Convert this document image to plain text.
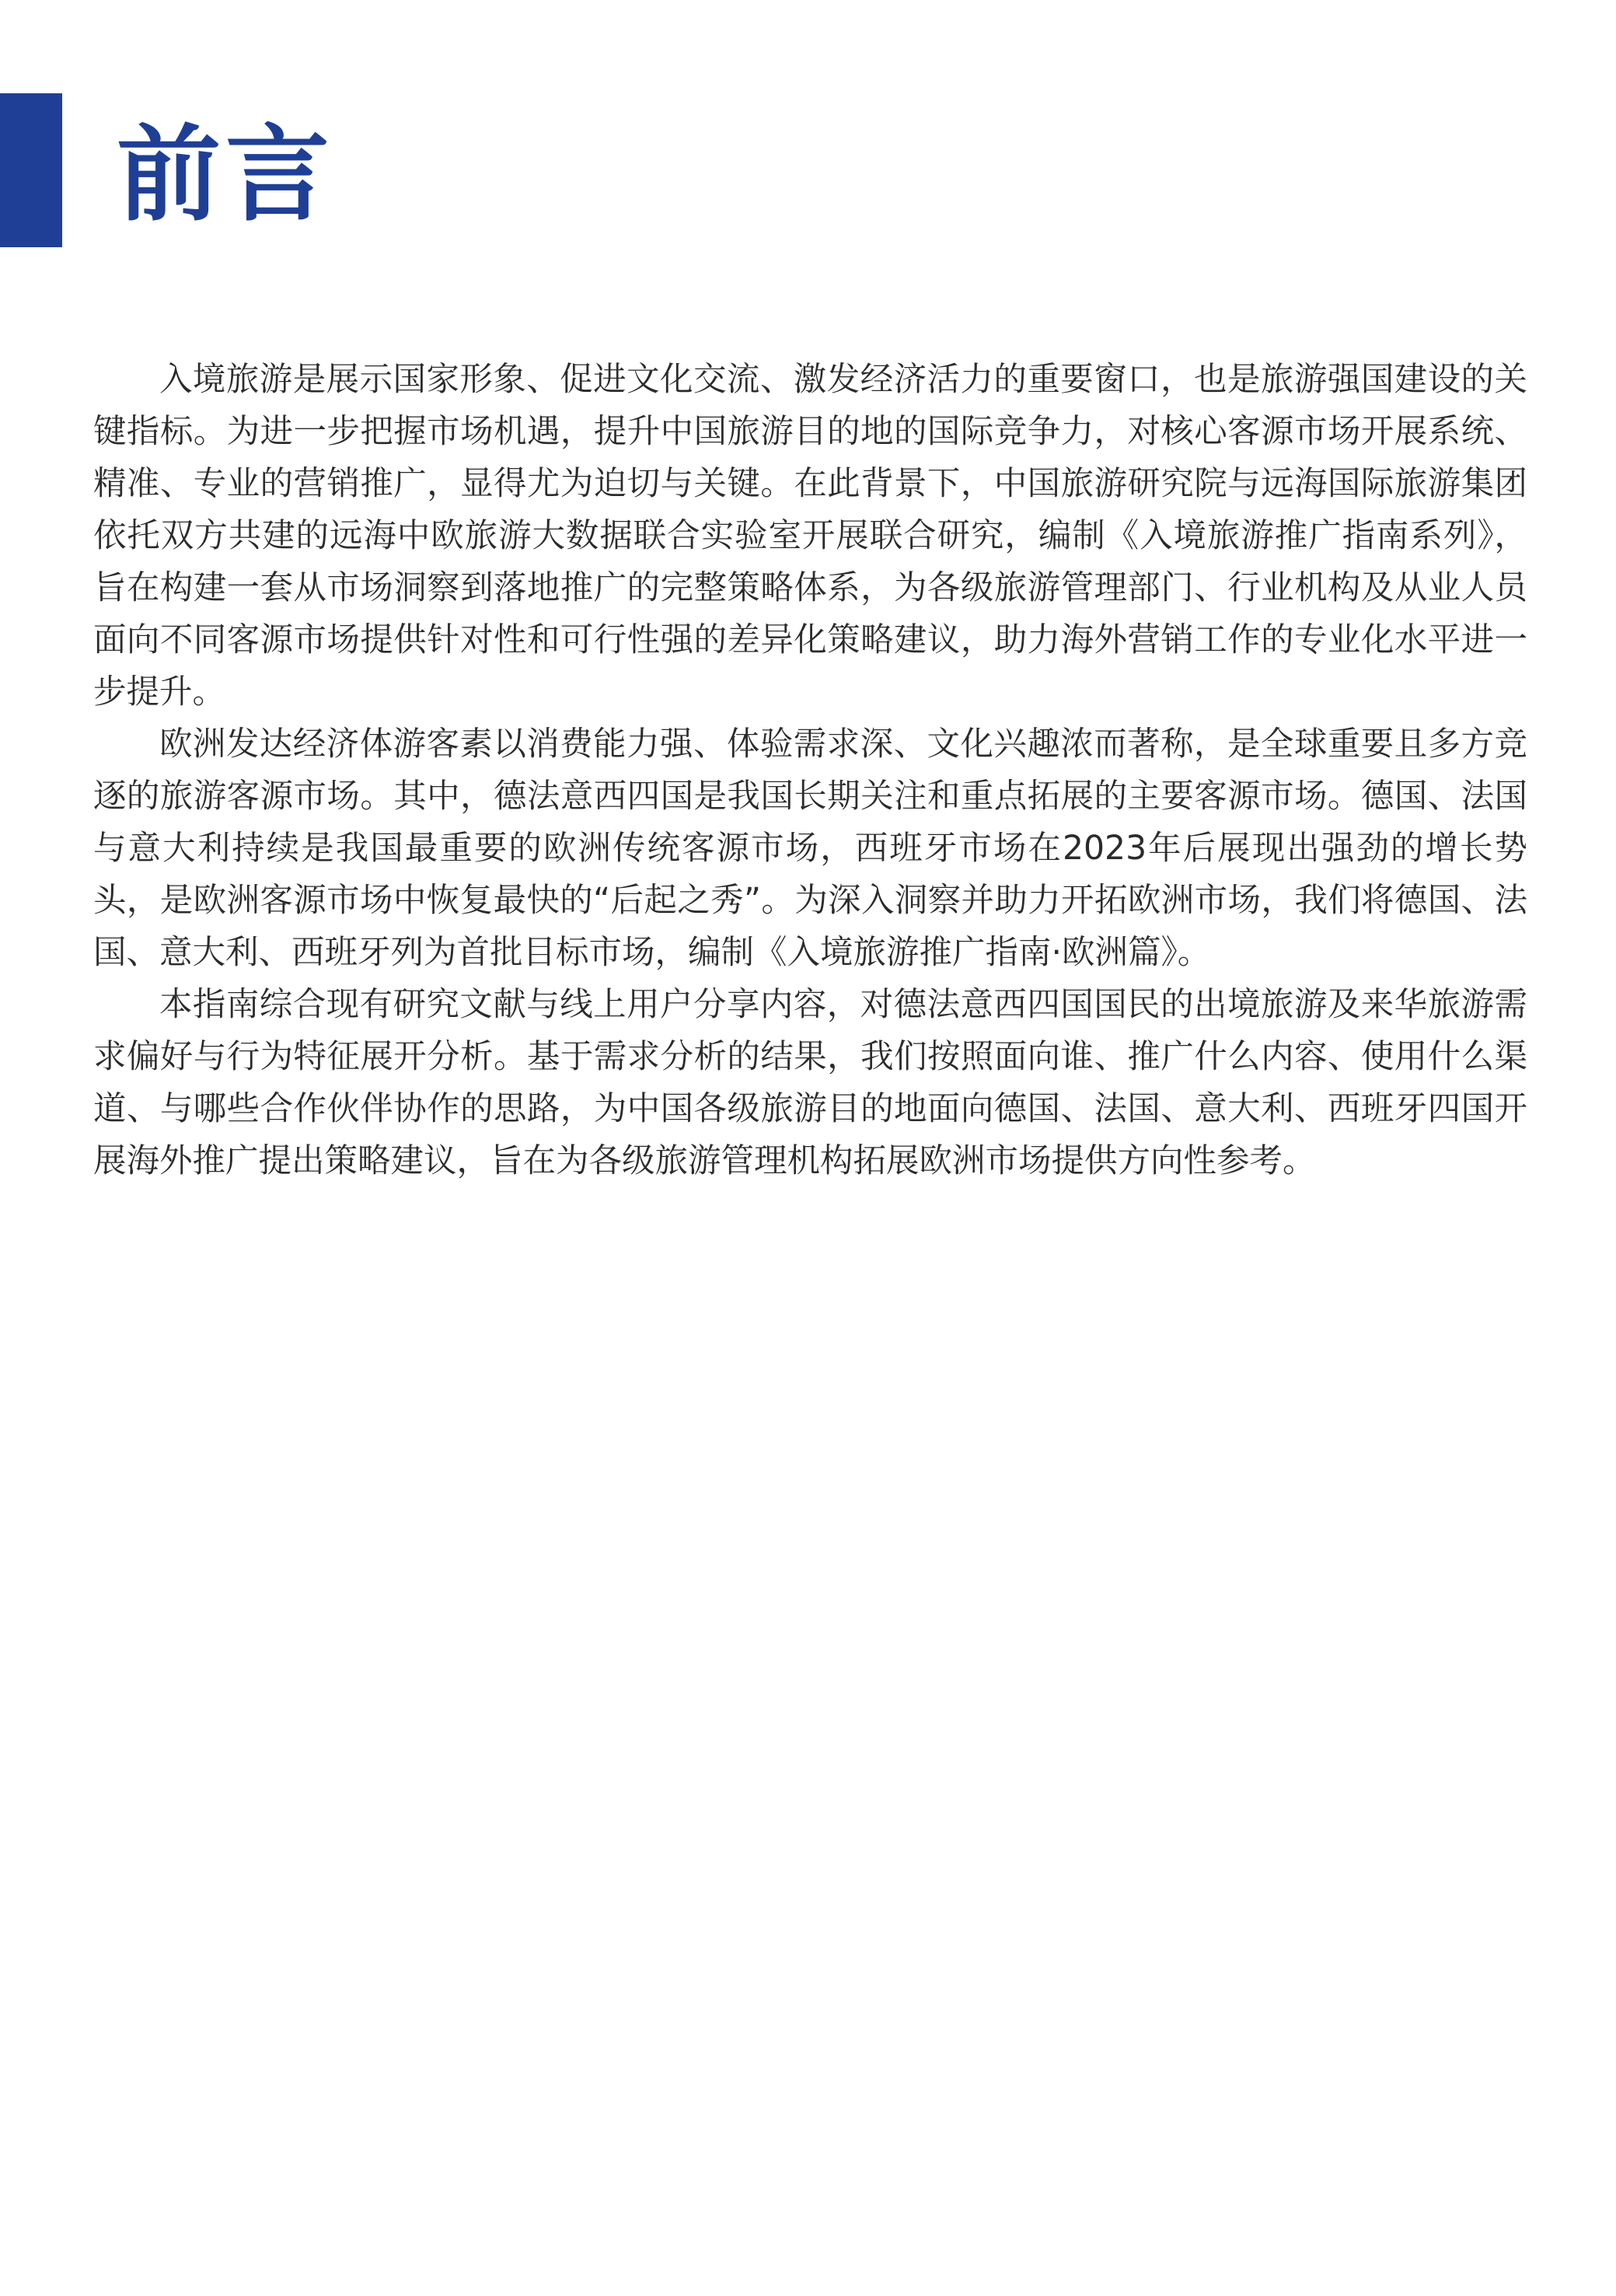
前言

入境旅游是展示国家形象、促进文化交流、激发经济活力的重要窗口，也是旅游强国建设的关键指标。为进一步把握市场机遇，提升中国旅游目的地的国际竞争力，对核心客源市场开展系统、精准、专业的营销推广，显得尤为迫切与关键。在此背景下，中国旅游研究院与远海国际旅游集团依托双方共建的远海中欧旅游大数据联合实验室开展联合研究，编制《入境旅游推广指南系列》，旨在构建一套从市场洞察到落地推广的完整策略体系，为各级旅游管理部门、行业机构及从业人员面向不同客源市场提供针对性和可行性强的差异化策略建议，助力海外营销工作的专业化水平进一步提升。

欧洲发达经济体游客素以消费能力强、体验需求深、文化兴趣浓而著称，是全球重要且多方竞逐的旅游客源市场。其中，德法意西四国是我国长期关注和重点拓展的主要客源市场。德国、法国与意大利持续是我国最重要的欧洲传统客源市场，西班牙市场在2023年后展现出强劲的增长势头，是欧洲客源市场中恢复最快的“后起之秀”。为深入洞察并助力开拓欧洲市场，我们将德国、法国、意大利、西班牙列为首批目标市场，编制《入境旅游推广指南·欧洲篇》。

本指南综合现有研究文献与线上用户分享内容，对德法意西四国国民的出境旅游及来华旅游需求偏好与行为特征展开分析。基于需求分析的结果，我们按照面向谁、推广什么内容、使用什么渠道、与哪些合作伙伴协作的思路，为中国各级旅游目的地面向德国、法国、意大利、西班牙四国开展海外推广提出策略建议，旨在为各级旅游管理机构拓展欧洲市场提供方向性参考。
